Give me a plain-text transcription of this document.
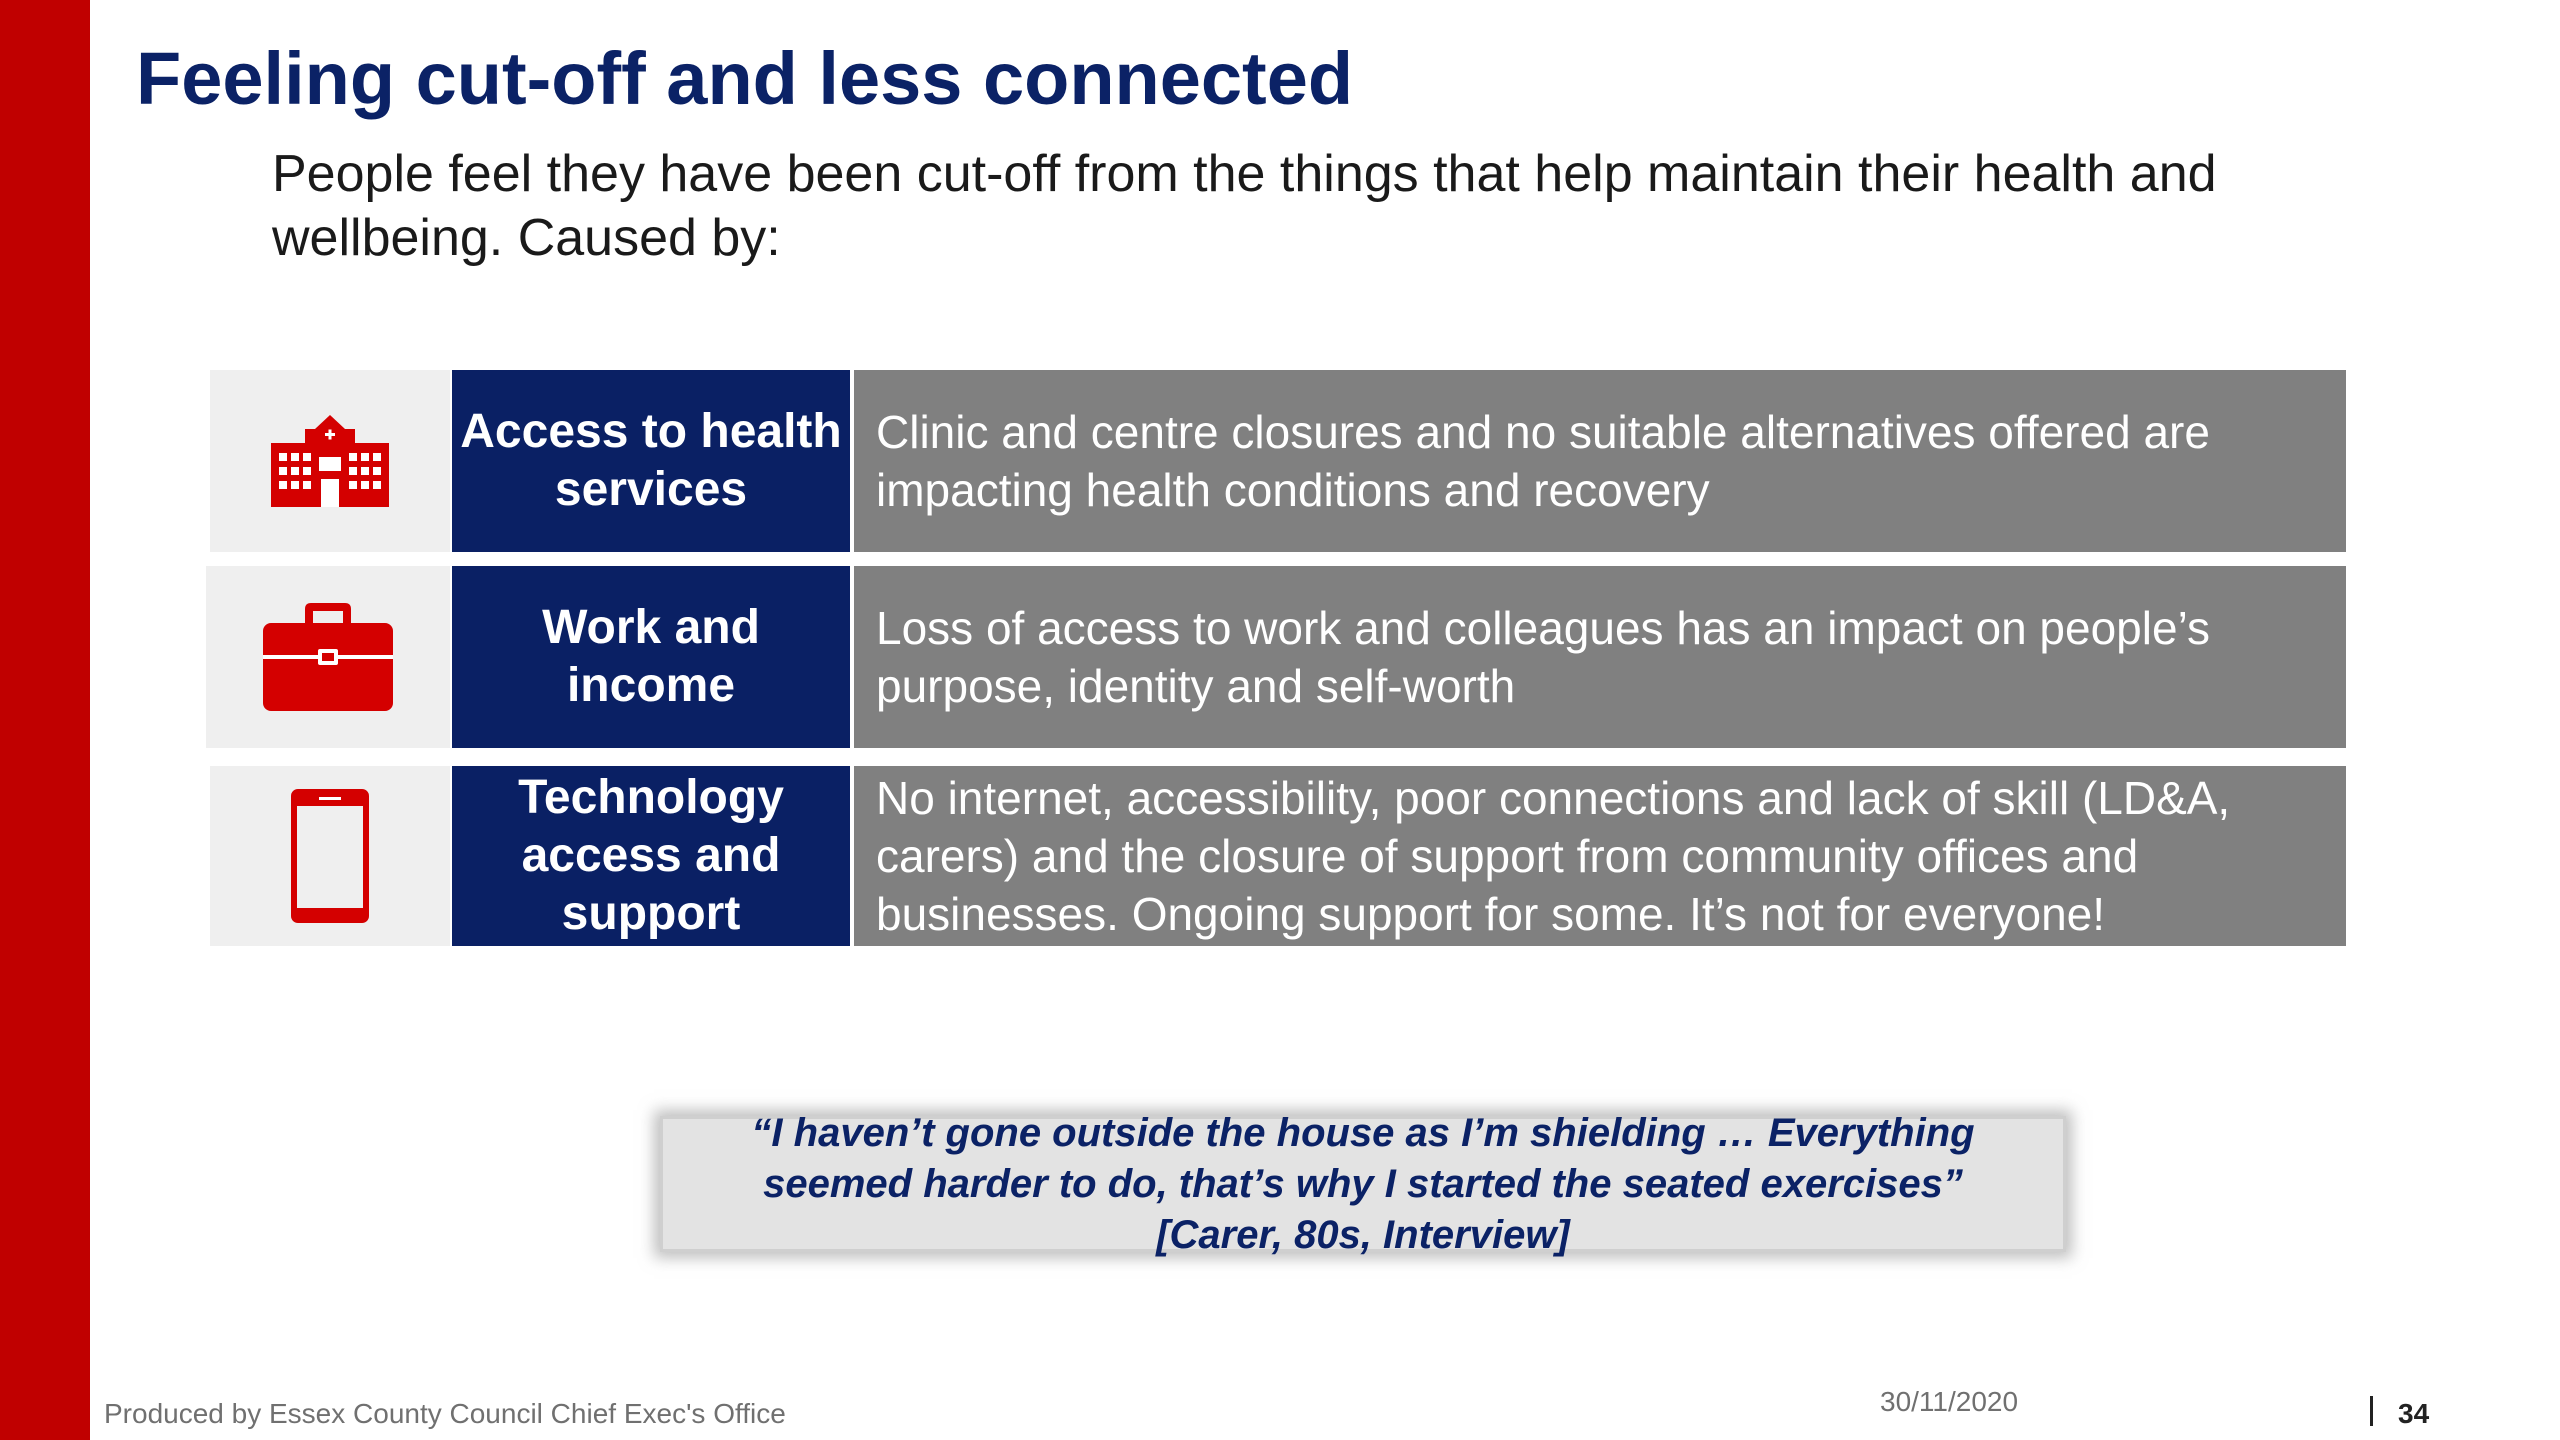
Feeling cut-off and less connected
People feel they have been cut-off from the things that help maintain their health and wellbeing. Caused by:
Access to health services
Clinic and centre closures and no suitable alternatives offered are impacting health conditions and recovery
Work and income
Loss of access to work and colleagues has an impact on people’s purpose, identity and self-worth
Technology access and support
No internet, accessibility, poor connections and lack of skill (LD&A, carers) and the closure of support from community offices and businesses. Ongoing support for some. It’s not for everyone!
“I haven’t gone outside the house as I’m shielding … Everything
seemed harder to do, that’s why I started the seated exercises”
[Carer, 80s, Interview]
Produced by Essex County Council Chief Exec's Office	30/11/2020	34
